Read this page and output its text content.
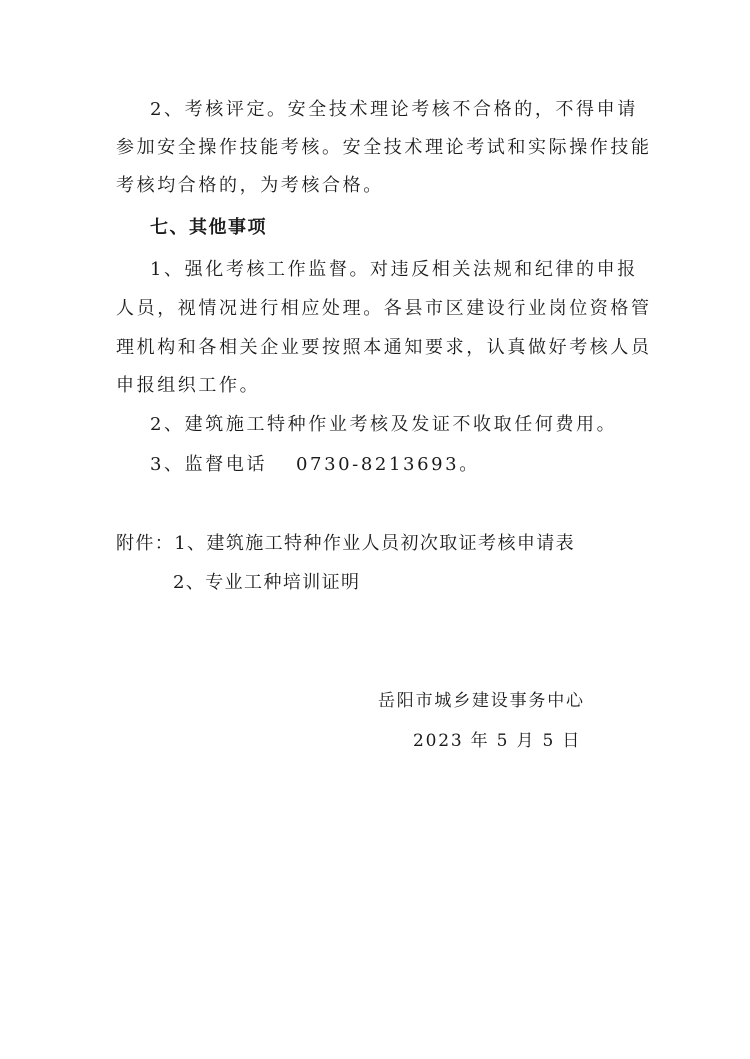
2、考核评定。安全技术理论考核不合格的，不得申请
参加安全操作技能考核。安全技术理论考试和实际操作技能
考核均合格的，为考核合格。
七、其他事项
1、强化考核工作监督。对违反相关法规和纪律的申报
人员，视情况进行相应处理。各县市区建设行业岗位资格管
理机构和各相关企业要按照本通知要求，认真做好考核人员
申报组织工作。
2、建筑施工特种作业考核及发证不收取任何费用。
3、监督电话　 0730-8213693。
附件：1、建筑施工特种作业人员初次取证考核申请表
2、专业工种培训证明
岳阳市城乡建设事务中心
2023 年 5 月 5 日
